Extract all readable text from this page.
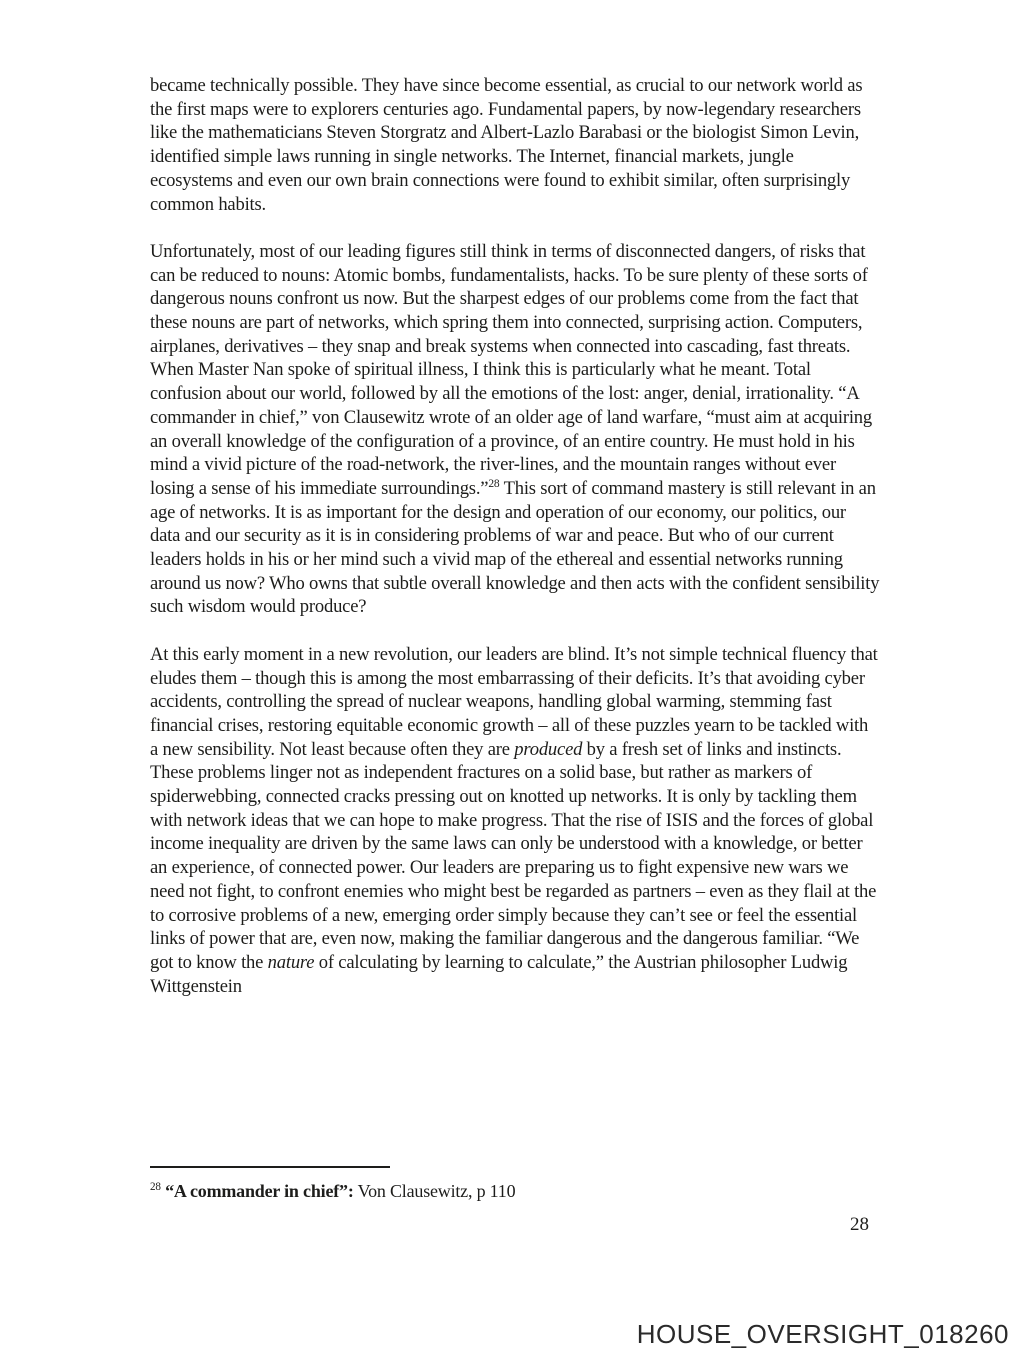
became technically possible. They have since become essential, as crucial to our network world as the first maps were to explorers centuries ago. Fundamental papers, by now-legendary researchers like the mathematicians Steven Storgratz and Albert-Lazlo Barabasi or the biologist Simon Levin, identified simple laws running in single networks. The Internet, financial markets, jungle ecosystems and even our own brain connections were found to exhibit similar, often surprisingly common habits.

Unfortunately, most of our leading figures still think in terms of disconnected dangers, of risks that can be reduced to nouns: Atomic bombs, fundamentalists, hacks. To be sure plenty of these sorts of dangerous nouns confront us now. But the sharpest edges of our problems come from the fact that these nouns are part of networks, which spring them into connected, surprising action. Computers, airplanes, derivatives – they snap and break systems when connected into cascading, fast threats. When Master Nan spoke of spiritual illness, I think this is particularly what he meant. Total confusion about our world, followed by all the emotions of the lost: anger, denial, irrationality. “A commander in chief,” von Clausewitz wrote of an older age of land warfare, “must aim at acquiring an overall knowledge of the configuration of a province, of an entire country. He must hold in his mind a vivid picture of the road-network, the river-lines, and the mountain ranges without ever losing a sense of his immediate surroundings.”$^{28}$ This sort of command mastery is still relevant in an age of networks. It is as important for the design and operation of our economy, our politics, our data and our security as it is in considering problems of war and peace. But who of our current leaders holds in his or her mind such a vivid map of the ethereal and essential networks running around us now? Who owns that subtle overall knowledge and then acts with the confident sensibility such wisdom would produce?

At this early moment in a new revolution, our leaders are blind. It’s not simple technical fluency that eludes them – though this is among the most embarrassing of their deficits. It’s that avoiding cyber accidents, controlling the spread of nuclear weapons, handling global warming, stemming fast financial crises, restoring equitable economic growth – all of these puzzles yearn to be tackled with a new sensibility. Not least because often they are produced by a fresh set of links and instincts. These problems linger not as independent fractures on a solid base, but rather as markers of spiderwebbing, connected cracks pressing out on knotted up networks. It is only by tackling them with network ideas that we can hope to make progress. That the rise of ISIS and the forces of global income inequality are driven by the same laws can only be understood with a knowledge, or better an experience, of connected power. Our leaders are preparing us to fight expensive new wars we need not fight, to confront enemies who might best be regarded as partners – even as they flail at the to corrosive problems of a new, emerging order simply because they can’t see or feel the essential links of power that are, even now, making the familiar dangerous and the dangerous familiar. “We got to know the nature of calculating by learning to calculate,” the Austrian philosopher Ludwig Wittgenstein

$^{28}$ “A commander in chief”: Von Clausewitz, p 110
28
HOUSE_OVERSIGHT_018260
